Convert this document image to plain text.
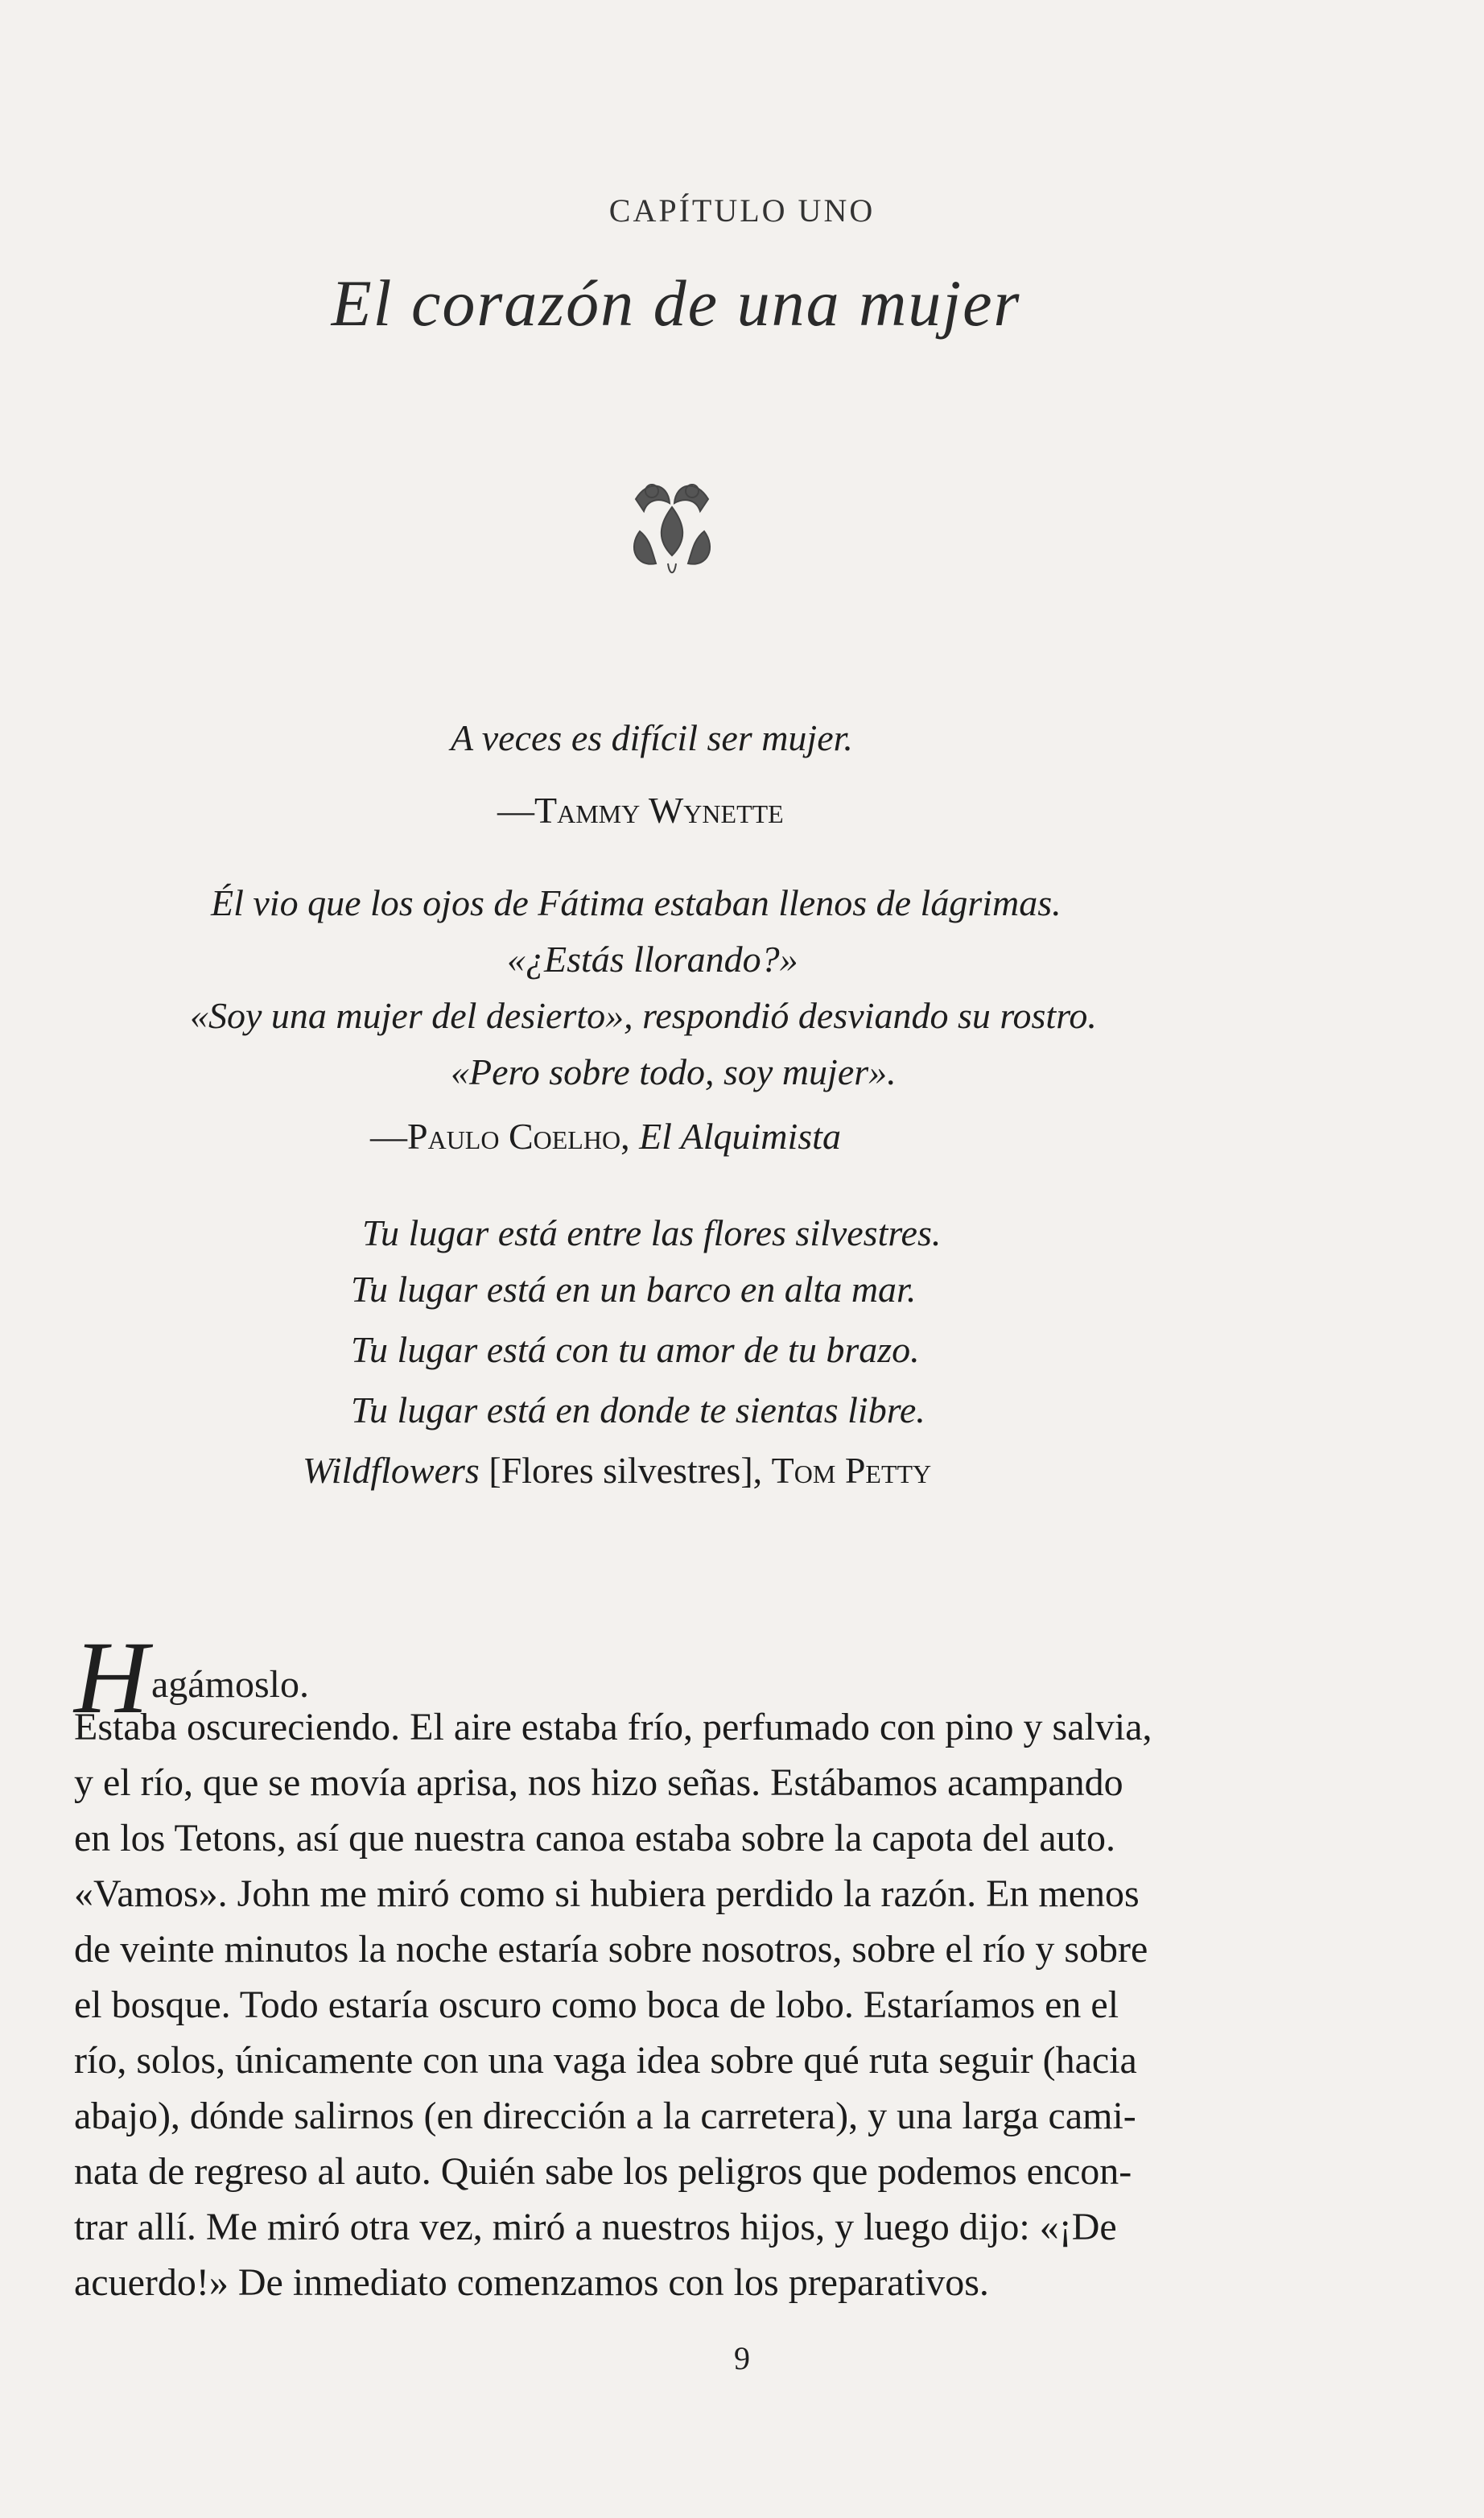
CAPÍTULO UNO
El corazón de una mujer
A veces es difícil ser mujer.
—Tammy Wynette
Él vio que los ojos de Fátima estaban llenos de lágrimas.
«¿Estás llorando?»
«Soy una mujer del desierto», respondió desviando su rostro.
«Pero sobre todo, soy mujer».
—Paulo Coelho, El Alquimista
Tu lugar está entre las flores silvestres.
Tu lugar está en un barco en alta mar.
Tu lugar está con tu amor de tu brazo.
Tu lugar está en donde te sientas libre.
Wildflowers [Flores silvestres], Tom Petty
H agámoslo.
Estaba oscureciendo. El aire estaba frío, perfumado con pino y salvia,
y el río, que se movía aprisa, nos hizo señas. Estábamos acampando
en los Tetons, así que nuestra canoa estaba sobre la capota del auto.
«Vamos». John me miró como si hubiera perdido la razón. En menos
de veinte minutos la noche estaría sobre nosotros, sobre el río y sobre
el bosque. Todo estaría oscuro como boca de lobo. Estaríamos en el
río, solos, únicamente con una vaga idea sobre qué ruta seguir (hacia
abajo), dónde salirnos (en dirección a la carretera), y una larga cami-
nata de regreso al auto. Quién sabe los peligros que podemos encon-
trar allí. Me miró otra vez, miró a nuestros hijos, y luego dijo: «¡De
acuerdo!» De inmediato comenzamos con los preparativos.
9
